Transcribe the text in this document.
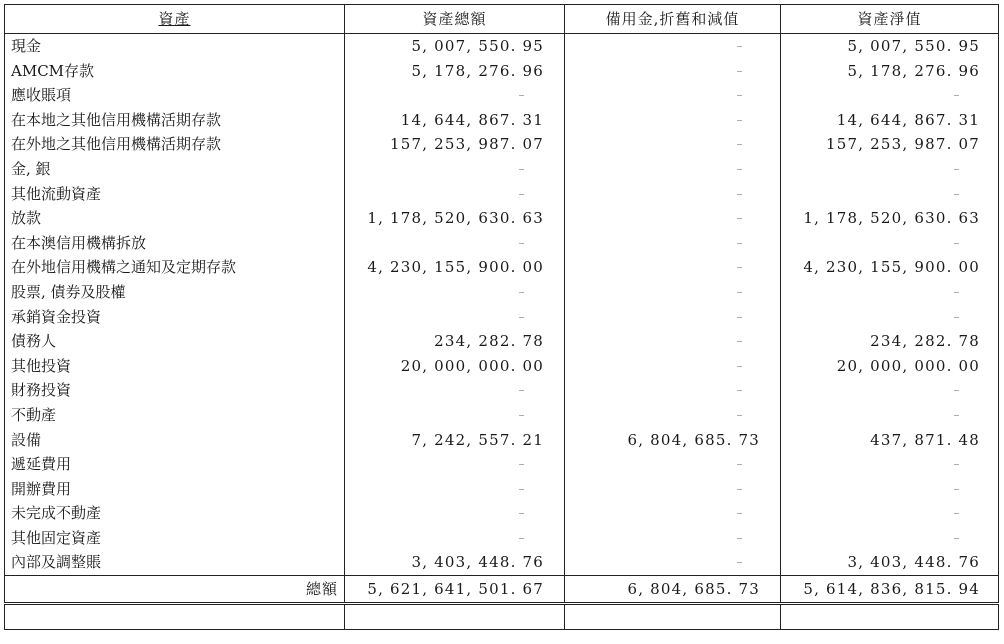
資產	資產總額	備用金,折舊和減值	資產淨值
現金	5, 007, 550. 95	–	5, 007, 550. 95
AMCM存款	5, 178, 276. 96	–	5, 178, 276. 96
應收賬項	–	–	–
在本地之其他信用機構活期存款	14, 644, 867. 31	–	14, 644, 867. 31
在外地之其他信用機構活期存款	157, 253, 987. 07	–	157, 253, 987. 07
金, 銀	–	–	–
其他流動資產	–	–	–
放款	1, 178, 520, 630. 63	–	1, 178, 520, 630. 63
在本澳信用機構拆放	–	–	–
在外地信用機構之通知及定期存款	4, 230, 155, 900. 00	–	4, 230, 155, 900. 00
股票, 債券及股權	–	–	–
承銷資金投資	–	–	–
債務人	234, 282. 78	–	234, 282. 78
其他投資	20, 000, 000. 00	–	20, 000, 000. 00
財務投資	–	–	–
不動產	–	–	–
設備	7, 242, 557. 21	6, 804, 685. 73	437, 871. 48
遞延費用	–	–	–
開辦費用	–	–	–
未完成不動產	–	–	–
其他固定資產	–	–	–
內部及調整賬	3, 403, 448. 76	–	3, 403, 448. 76
總額	5, 621, 641, 501. 67	6, 804, 685. 73	5, 614, 836, 815. 94
